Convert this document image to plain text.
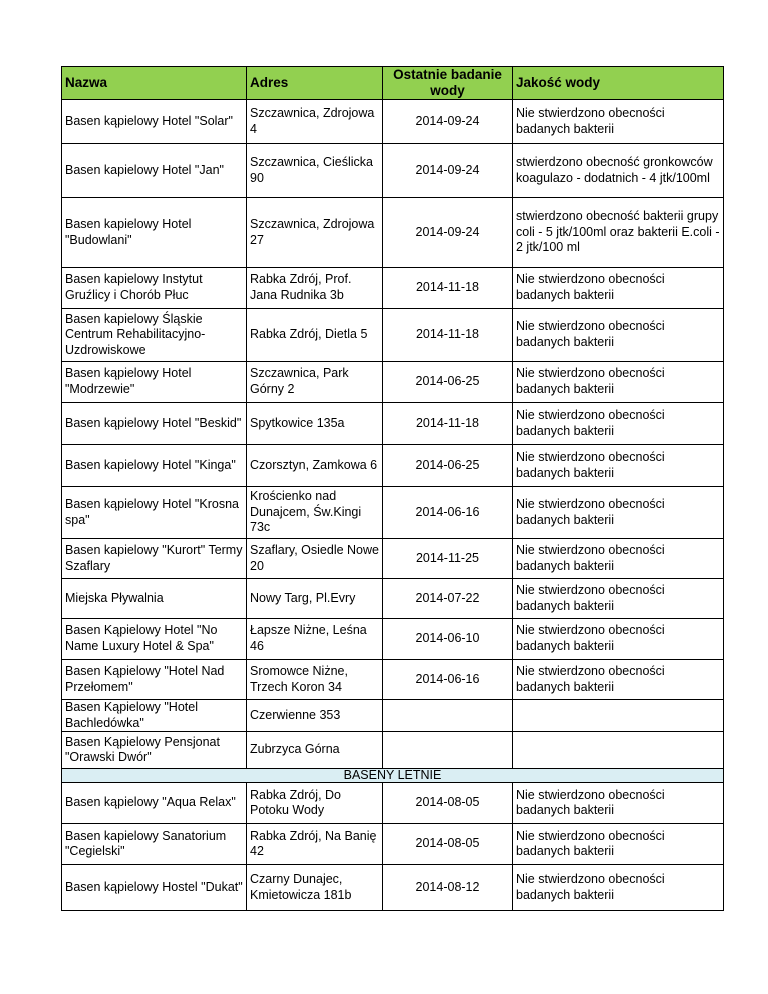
Nazwa	Adres	Ostatnie badanie wody	Jakość wody
Basen kąpielowy Hotel "Solar"	Szczawnica, Zdrojowa 4	2014-09-24	Nie stwierdzono obecności badanych bakterii
Basen kapielowy Hotel "Jan"	Szczawnica, Cieślicka 90	2014-09-24	stwierdzono obecność gronkowców koagulazo - dodatnich - 4 jtk/100ml
Basen kapielowy Hotel "Budowlani"	Szczawnica, Zdrojowa 27	2014-09-24	stwierdzono obecność bakterii grupy coli - 5 jtk/100ml oraz bakterii E.coli - 2 jtk/100 ml
Basen kapielowy Instytut Gruźlicy i Chorób Płuc	Rabka Zdrój, Prof. Jana Rudnika 3b	2014-11-18	Nie stwierdzono obecności badanych bakterii
Basen kapielowy Śląskie Centrum Rehabilitacyjno-Uzdrowiskowe	Rabka Zdrój, Dietla 5	2014-11-18	Nie stwierdzono obecności badanych bakterii
Basen kąpielowy Hotel "Modrzewie"	Szczawnica, Park Górny 2	2014-06-25	Nie stwierdzono obecności badanych bakterii
Basen kąpielowy Hotel "Beskid"	Spytkowice 135a	2014-11-18	Nie stwierdzono obecności badanych bakterii
Basen kapielowy Hotel "Kinga"	Czorsztyn, Zamkowa 6	2014-06-25	Nie stwierdzono obecności badanych bakterii
Basen kąpielowy Hotel "Krosna spa"	Krościenko nad Dunajcem, Św.Kingi 73c	2014-06-16	Nie stwierdzono obecności badanych bakterii
Basen kapielowy "Kurort" Termy Szaflary	Szaflary, Osiedle Nowe 20	2014-11-25	Nie stwierdzono obecności badanych bakterii
Miejska Pływalnia	Nowy Targ, Pl.Evry	2014-07-22	Nie stwierdzono obecności badanych bakterii
Basen Kąpielowy Hotel "No Name Luxury Hotel & Spa"	Łapsze Niżne, Leśna 46	2014-06-10	Nie stwierdzono obecności badanych bakterii
Basen Kąpielowy "Hotel Nad Przełomem"	Sromowce Niżne, Trzech Koron 34	2014-06-16	Nie stwierdzono obecności badanych bakterii
Basen Kąpielowy "Hotel Bachledówka"	Czerwienne 353		
Basen Kąpielowy Pensjonat "Orawski Dwór"	Zubrzyca Górna		
BASENY LETNIE			
Basen kąpielowy "Aqua Relax"	Rabka Zdrój, Do Potoku Wody	2014-08-05	Nie stwierdzono obecności badanych bakterii
Basen kapielowy Sanatorium "Cegielski"	Rabka Zdrój, Na Banię 42	2014-08-05	Nie stwierdzono obecności badanych bakterii
Basen kąpielowy Hostel "Dukat"	Czarny Dunajec, Kmietowicza 181b	2014-08-12	Nie stwierdzono obecności badanych bakterii
